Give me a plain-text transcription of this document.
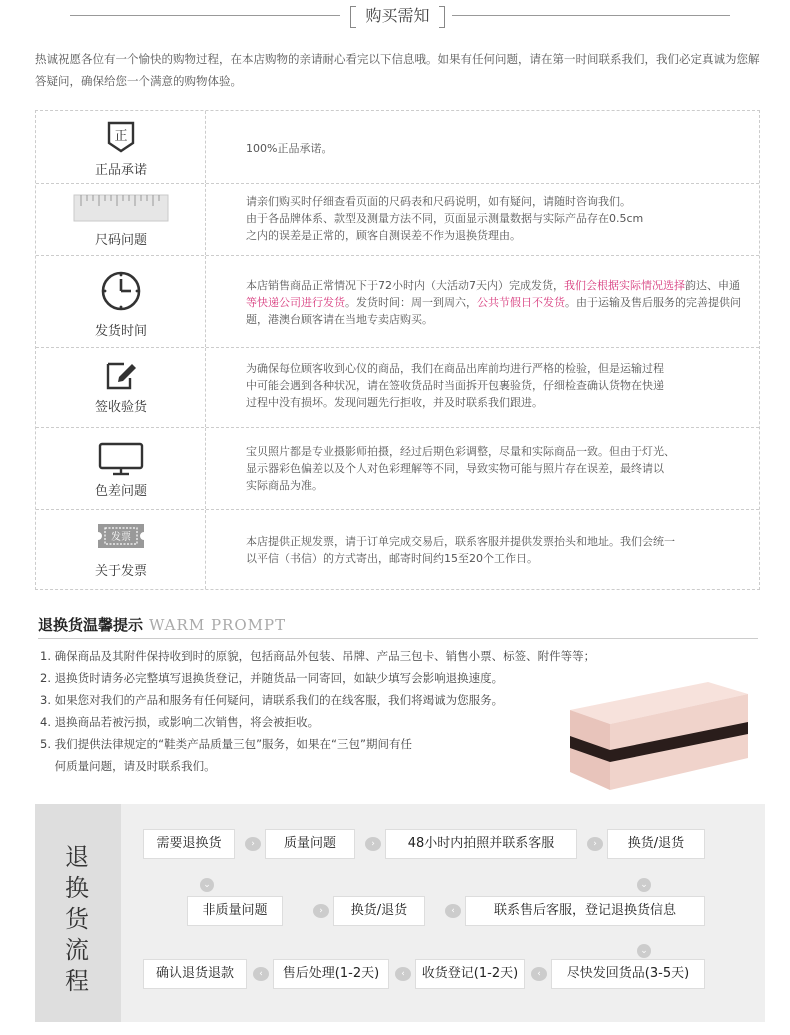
购买需知
热诚祝愿各位有一个愉快的购物过程，在本店购物的亲请耐心看完以下信息哦。如果有任何问题，请在第一时间联系我们，我们必定真诚为您解答疑问，确保给您一个满意的购物体验。
正
正品承诺
100%正品承诺。
尺码问题
请亲们购买时仔细查看页面的尺码表和尺码说明，如有疑问，请随时咨询我们。
由于各品牌体系、款型及测量方法不同，页面显示测量数据与实际产品存在0.5cm
之内的误差是正常的，顾客自测误差不作为退换货理由。
发货时间
本店销售商品正常情况下于72小时内（大活动7天内）完成发货，我们会根据实际情况选择韵达、申通等快递公司进行发货。发货时间：周一到周六，公共节假日不发货。由于运输及售后服务的完善提供问题，港澳台顾客请在当地专卖店购买。
签收验货
为确保每位顾客收到心仪的商品，我们在商品出库前均进行严格的检验，但是运输过程
中可能会遇到各种状况，请在签收货品时当面拆开包裹验货，仔细检查确认货物在快递
过程中没有损坏。发现问题先行拒收，并及时联系我们跟进。
色差问题
宝贝照片都是专业摄影师拍摄，经过后期色彩调整，尽量和实际商品一致。但由于灯光、
显示器彩色偏差以及个人对色彩理解等不同，导致实物可能与照片存在误差，最终请以
实际商品为准。
发票
关于发票
本店提供正规发票，请于订单完成交易后，联系客服并提供发票抬头和地址。我们会统一
以平信（书信）的方式寄出，邮寄时间约15至20个工作日。
退换货温馨提示 WARM PROMPT
1. 确保商品及其附件保持收到时的原貌，包括商品外包装、吊牌、产品三包卡、销售小票、标签、附件等等；
2. 退换货时请务必完整填写退换货登记，并随货品一同寄回，如缺少填写会影响退换速度。
3. 如果您对我们的产品和服务有任何疑问，请联系我们的在线客服，我们将竭诚为您服务。
4. 退换商品若被污损，或影响二次销售，将会被拒收。
5. 我们提供法律规定的“鞋类产品质量三包”服务，如果在“三包”期间有任
何质量问题，请及时联系我们。
退
换
货
流
程
需要退换货	›	质量问题	›	48小时内拍照并联系客服	›	换货/退货
⌄	⌄
非质量问题	›	换货/退货	‹	联系售后客服，登记退换货信息
⌄
确认退货退款	‹	售后处理(1-2天)	‹	收货登记(1-2天)	‹	尽快发回货品(3-5天)
